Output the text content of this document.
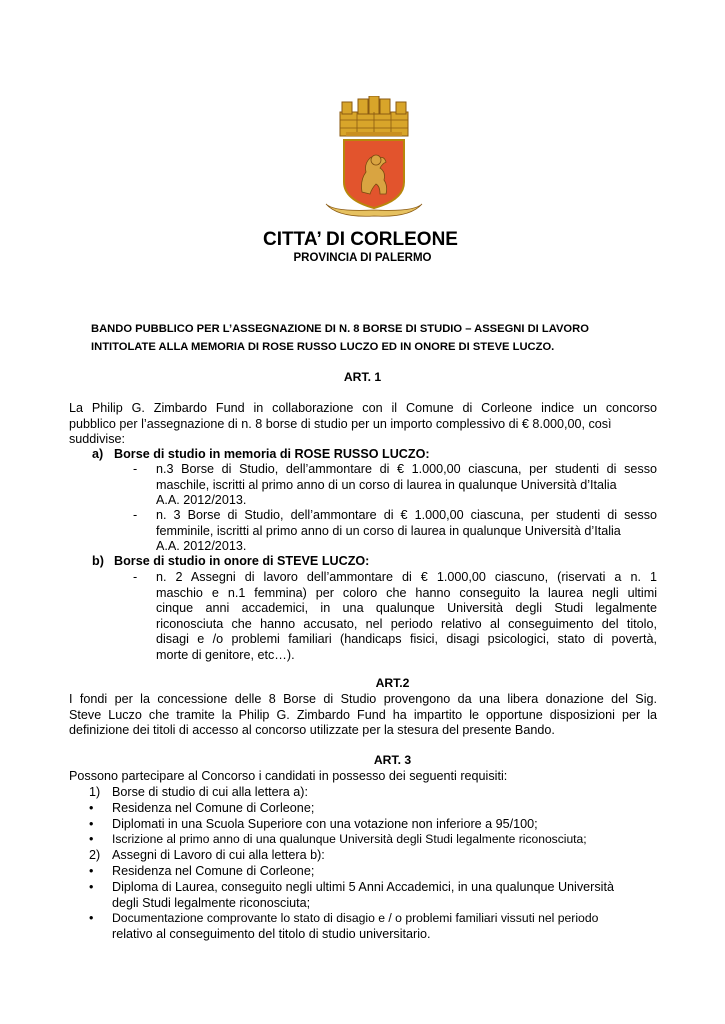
CITTA’ DI CORLEONE
PROVINCIA DI PALERMO
BANDO PUBBLICO PER L’ASSEGNAZIONE DI N. 8 BORSE DI STUDIO – ASSEGNI DI LAVORO
INTITOLATE ALLA MEMORIA DI ROSE RUSSO LUCZO ED IN ONORE DI STEVE LUCZO.
ART. 1
La Philip G. Zimbardo Fund in collaborazione con il Comune di Corleone indice un concorso
pubblico per l’assegnazione di n. 8 borse di studio per un importo complessivo di € 8.000,00, così
suddivise:
a) Borse di studio in memoria di ROSE RUSSO LUCZO:
- n.3 Borse di Studio, dell’ammontare di € 1.000,00 ciascuna, per studenti di sesso
maschile, iscritti al primo anno di un corso di laurea in qualunque Università d’Italia
A.A. 2012/2013.
- n. 3 Borse di Studio, dell’ammontare di € 1.000,00 ciascuna, per studenti di sesso
femminile, iscritti al primo anno di un corso di laurea in qualunque Università d’Italia
A.A. 2012/2013.
b) Borse di studio in onore di STEVE LUCZO:
- n. 2 Assegni di lavoro dell’ammontare di € 1.000,00 ciascuno, (riservati a n. 1
maschio e n.1 femmina) per coloro che hanno conseguito la laurea negli ultimi
cinque anni accademici, in una qualunque Università degli Studi legalmente
riconosciuta che hanno accusato, nel periodo relativo al conseguimento del titolo,
disagi e /o problemi familiari (handicaps fisici, disagi psicologici, stato di povertà,
morte di genitore, etc…).
ART.2
I fondi per la concessione delle 8 Borse di Studio provengono da una libera donazione del Sig.
Steve Luczo che tramite la Philip G. Zimbardo Fund ha impartito le opportune disposizioni per la
definizione dei titoli di accesso al concorso utilizzate per la stesura del presente Bando.
ART. 3
Possono partecipare al Concorso i candidati in possesso dei seguenti requisiti:
1) Borse di studio di cui alla lettera a):
• Residenza nel Comune di Corleone;
• Diplomati in una Scuola Superiore con una votazione non inferiore a 95/100;
• Iscrizione al primo anno di una qualunque Università degli Studi legalmente riconosciuta;
2) Assegni di Lavoro di cui alla lettera b):
• Residenza nel Comune di Corleone;
• Diploma di Laurea, conseguito negli ultimi 5 Anni Accademici, in una qualunque Università
degli Studi legalmente riconosciuta;
• Documentazione comprovante lo stato di disagio e / o problemi familiari vissuti nel periodo
relativo al conseguimento del titolo di studio universitario.
